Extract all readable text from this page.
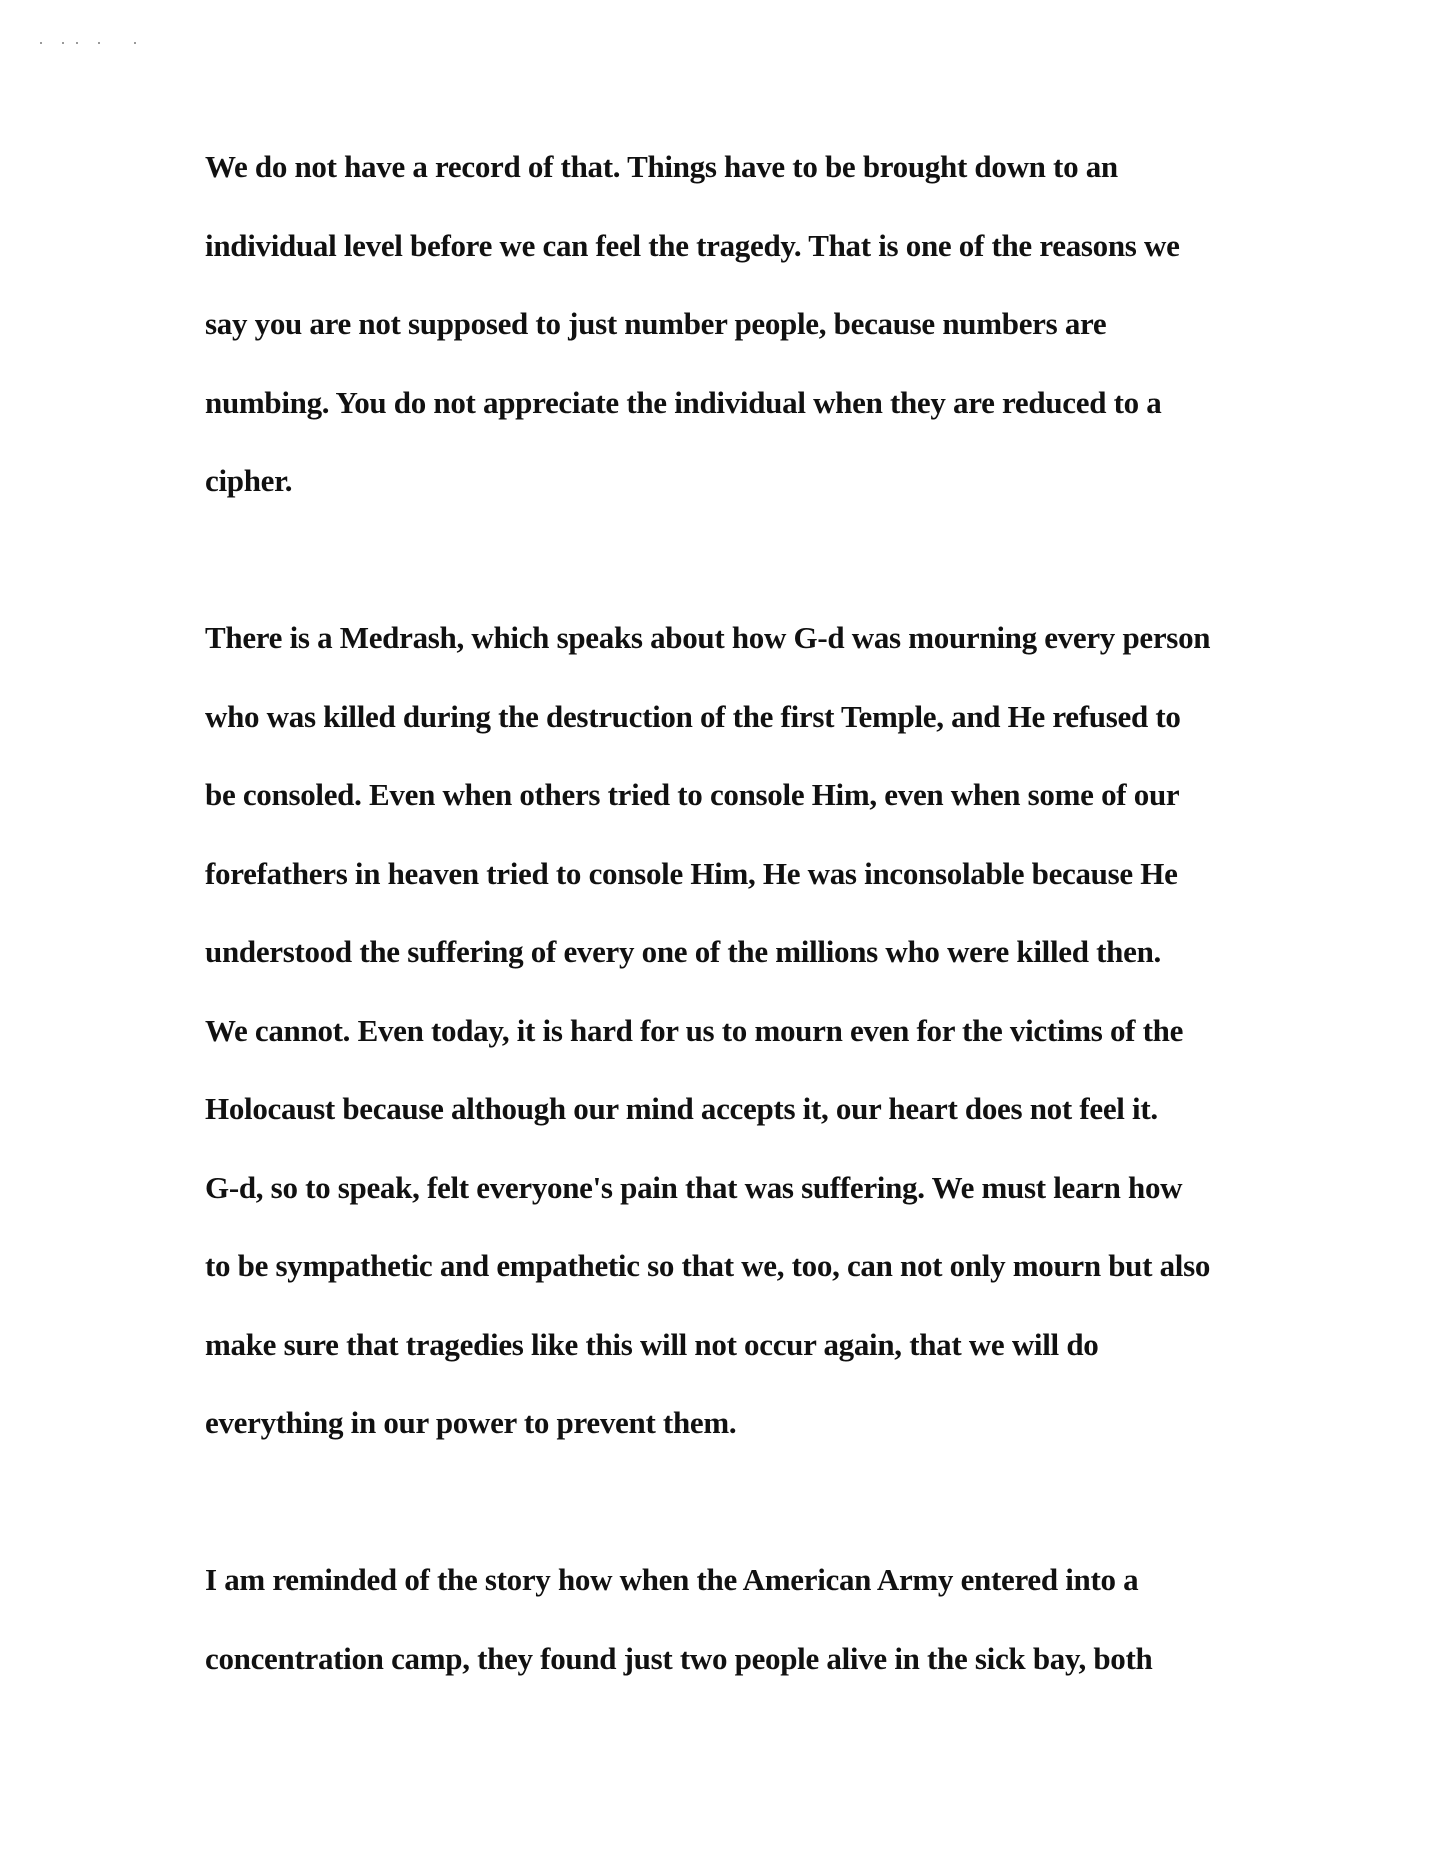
We do not have a record of that. Things have to be brought down to an
individual level before we can feel the tragedy. That is one of the reasons we
say you are not supposed to just number people, because numbers are
numbing. You do not appreciate the individual when they are reduced to a
cipher.
There is a Medrash, which speaks about how G-d was mourning every person
who was killed during the destruction of the first Temple, and He refused to
be consoled. Even when others tried to console Him, even when some of our
forefathers in heaven tried to console Him, He was inconsolable because He
understood the suffering of every one of the millions who were killed then.
We cannot. Even today, it is hard for us to mourn even for the victims of the
Holocaust because although our mind accepts it, our heart does not feel it.
G-d, so to speak, felt everyone's pain that was suffering. We must learn how
to be sympathetic and empathetic so that we, too, can not only mourn but also
make sure that tragedies like this will not occur again, that we will do
everything in our power to prevent them.
I am reminded of the story how when the American Army entered into a
concentration camp, they found just two people alive in the sick bay, both
